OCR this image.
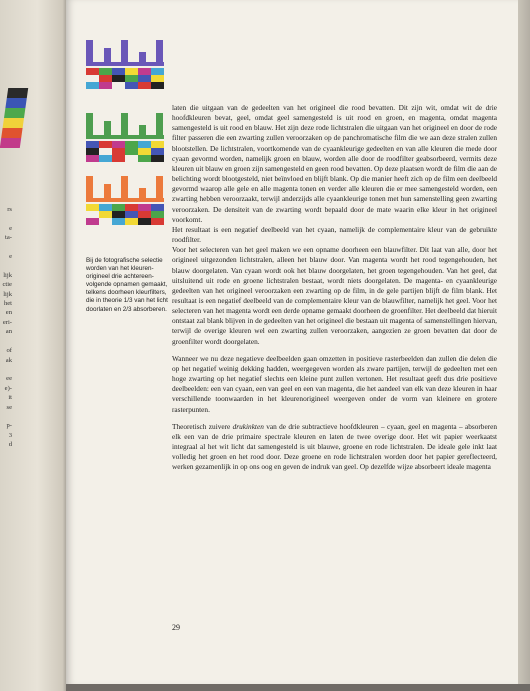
rs

e
ta-

e

lijk
ctie
lijk
het
en
eri-
an

of
ak

ee
e)-
it
se

p-
3
d

Bij de fotografische selectie worden van het kleuren-origineel drie achtereen-volgende opnamen gemaakt, telkens doorheen kleurfilters, die in theorie 1/3 van het licht doorlaten en 2/3 absorberen.

laten die uitgaan van de gedeelten van het origineel die rood bevatten. Dit zijn wit, omdat wit de drie hoofdkleuren bevat, geel, omdat geel samengesteld is uit rood en groen, en magenta, omdat magenta samengesteld is uit rood en blauw. Het zijn deze rode lichtstralen die uitgaan van het origineel en door de rode filter passeren die een zwarting zullen veroorzaken op de panchromatische film die we aan deze stralen zullen blootstellen. De lichtstralen, voortkomende van de cyaankleurige gedeelten en van alle kleuren die mede door cyaan gevormd worden, namelijk groen en blauw, worden alle door de roodfilter geabsorbeerd, vermits deze kleuren uit blauw en groen zijn samengesteld en geen rood bevatten. Op deze plaatsen wordt de film die aan de belichting wordt blootgesteld, niet beïnvloed en blijft blank. Op die manier heeft zich op de film een deelbeeld gevormd waarop alle gele en alle magenta tonen en verder alle kleuren die er mee samengesteld worden, een zwarting hebben veroorzaakt, terwijl anderzijds alle cyaankleurige tonen met hun samenstelling geen zwarting veroorzaken. De densiteit van de zwarting wordt bepaald door de mate waarin elke kleur in het origineel voorkomt.

Het resultaat is een negatief deelbeeld van het cyaan, namelijk de complementaire kleur van de gebruikte roodfilter.

Voor het selecteren van het geel maken we een opname doorheen een blauwfilter. Dit laat van alle, door het origineel uitgezonden lichtstralen, alleen het blauw door. Van magenta wordt het rood tegengehouden, het blauw doorgelaten. Van cyaan wordt ook het blauw doorgelaten, het groen tegengehouden. Van het geel, dat uitsluitend uit rode en groene lichtstralen bestaat, wordt niets doorgelaten. De magenta- en cyaankleurige gedeelten van het origineel veroorzaken een zwarting op de film, in de gele partijen blijft de film blank. Het resultaat is een negatief deelbeeld van de complementaire kleur van de blauwfilter, namelijk het geel. Voor het selecteren van het magenta wordt een derde opname gemaakt doorheen de groenfilter. Het deelbeeld dat hieruit ontstaat zal blank blijven in de gedeelten van het origineel die bestaan uit magenta of samenstellingen hiervan, terwijl de overige kleuren wel een zwarting zullen veroorzaken, aangezien ze groen bevatten dat door de groenfilter wordt doorgelaten.

Wanneer we nu deze negatieve deelbeelden gaan omzetten in positieve rasterbeelden dan zullen die delen die op het negatief weinig dekking hadden, weergegeven worden als zware partijen, terwijl de gedeelten met een hoge zwarting op het negatief slechts een kleine punt zullen vertonen. Het resultaat geeft dus drie positieve deelbeelden: een van cyaan, een van geel en een van magenta, die het aandeel van elk van deze kleuren in haar verschillende toonwaarden in het kleurenorigineel weergeven onder de vorm van kleinere en grotere rasterpunten.

Theoretisch zuivere drukinkten van de drie subtractieve hoofdkleuren – cyaan, geel en magenta – absorberen elk een van de drie primaire spectrale kleuren en laten de twee overige door. Het wit papier weerkaatst integraal al het wit licht dat samengesteld is uit blauwe, groene en rode lichtstralen. De ideale gele inkt laat volledig het groen en het rood door. Deze groene en rode lichtstralen worden door het papier gereflecteerd, werken gezamenlijk in op ons oog en geven de indruk van geel. Op dezelfde wijze absorbeert ideale magenta

29
